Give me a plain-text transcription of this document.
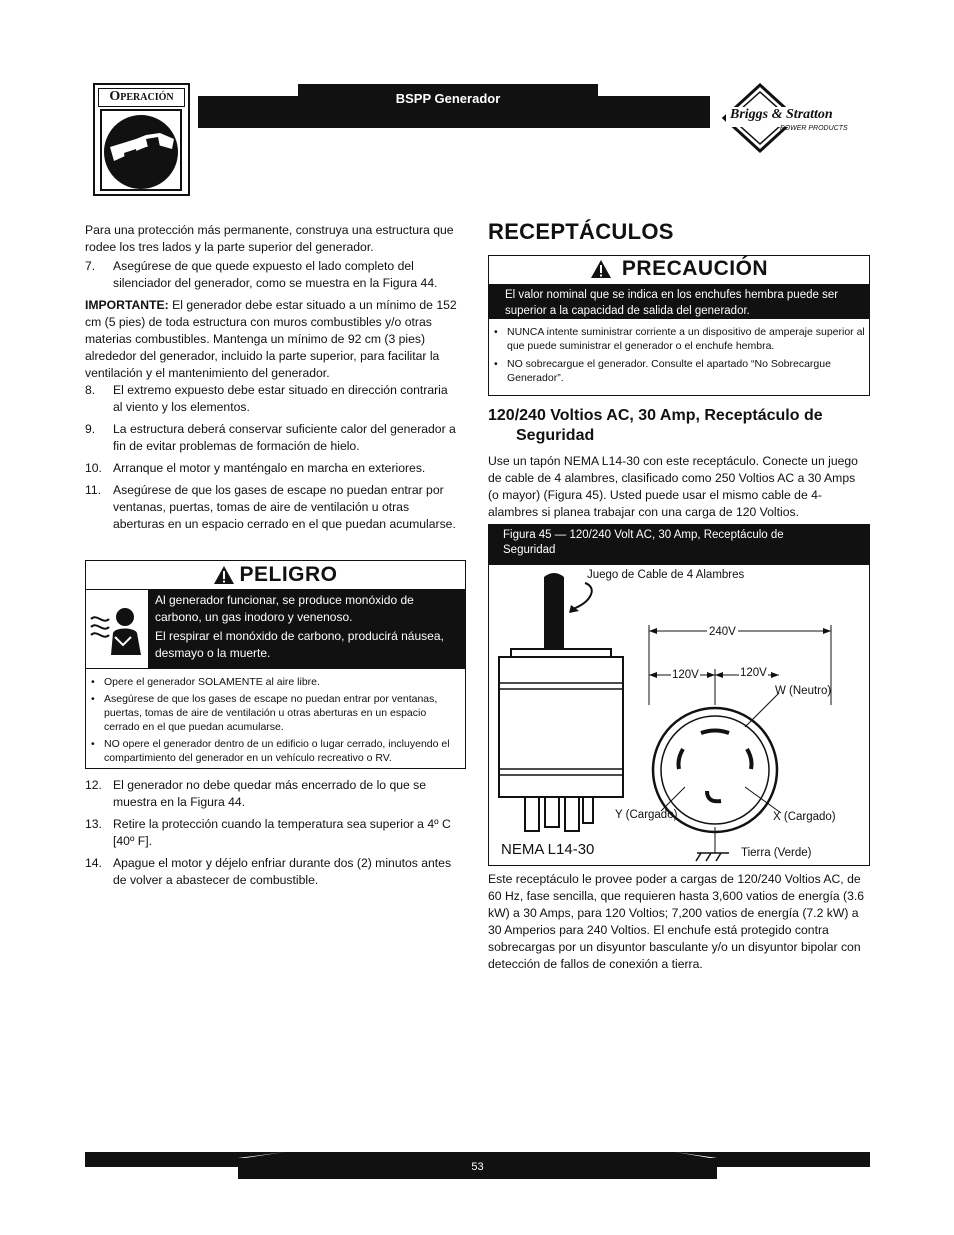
Operación	BSPP Generador
Briggs & Stratton
POWER PRODUCTS

Para una protección más permanente, construya una estructura que rodee los tres lados y la parte superior del generador.

7. Asegúrese de que quede expuesto el lado completo del silenciador del generador, como se muestra en la Figura 44.

IMPORTANTE: El generador debe estar situado a un mínimo de 152 cm (5 pies) de toda estructura con muros combustibles y/o otras materias combustibles. Mantenga un mínimo de 92 cm (3 pies) alrededor del generador, incluido la parte superior, para facilitar la ventilación y el mantenimiento del generador.

8. El extremo expuesto debe estar situado en dirección contraria al viento y los elementos.
9. La estructura deberá conservar suficiente calor del generador a fin de evitar problemas de formación de hielo.
10. Arranque el motor y manténgalo en marcha en exteriores.
11. Asegúrese de que los gases de escape no puedan entrar por ventanas, puertas, tomas de aire de ventilación u otras aberturas en un espacio cerrado en el que puedan acumularse.
PELIGRO
Al generador funcionar, se produce monóxido de carbono, un gas inodoro y venenoso.
El respirar el monóxido de carbono, producirá náusea, desmayo o la muerte.
• Opere el generador SOLAMENTE al aire libre.
• Asegúrese de que los gases de escape no puedan entrar por ventanas, puertas, tomas de aire de ventilación u otras aberturas en un espacio cerrado en el que puedan acumularse.
• NO opere el generador dentro de un edificio o lugar cerrado, incluyendo el compartimiento del generador en un vehículo recreativo o RV.
12. El generador no debe quedar más encerrado de lo que se muestra en la Figura 44.
13. Retire la protección cuando la temperatura sea superior a 4º C [40º F].
14. Apague el motor y déjelo enfriar durante dos (2) minutos antes de volver a abastecer de combustible.
RECEPTÁCULOS
PRECAUCIÓN
El valor nominal que se indica en los enchufes hembra puede ser superior a la capacidad de salida del generador.
• NUNCA intente suministrar corriente a un dispositivo de amperaje superior al que puede suministrar el generador o el enchufe hembra.
• NO sobrecargue el generador. Consulte el apartado “No Sobrecargue Generador”.
120/240 Voltios AC, 30 Amp, Receptáculo de Seguridad
Use un tapón NEMA L14-30 con este receptáculo. Conecte un juego de cable de 4 alambres, clasificado como 250 Voltios AC a 30 Amps (o mayor) (Figura 45). Usted puede usar el mismo cable de 4-alambres si planea trabajar con una carga de 120 Voltios.
Figura 45 — 120/240 Volt AC, 30 Amp, Receptáculo de Seguridad
Juego de Cable de 4 Alambres
240V
120V	120V
W (Neutro)
Y (Cargado)	X (Cargado)
Tierra (Verde)
NEMA L14-30
Este receptáculo le provee poder a cargas de 120/240 Voltios AC, de 60 Hz, fase sencilla, que requieren hasta 3,600 vatios de energía (3.6 kW) a 30 Amps, para 120 Voltios; 7,200 vatios de energía (7.2 kW) a 30 Amperios para 240 Voltios. El enchufe está protegido contra sobrecargas por un disyuntor basculante y/o un disyuntor bipolar con detección de fallos de conexión a tierra.
53
